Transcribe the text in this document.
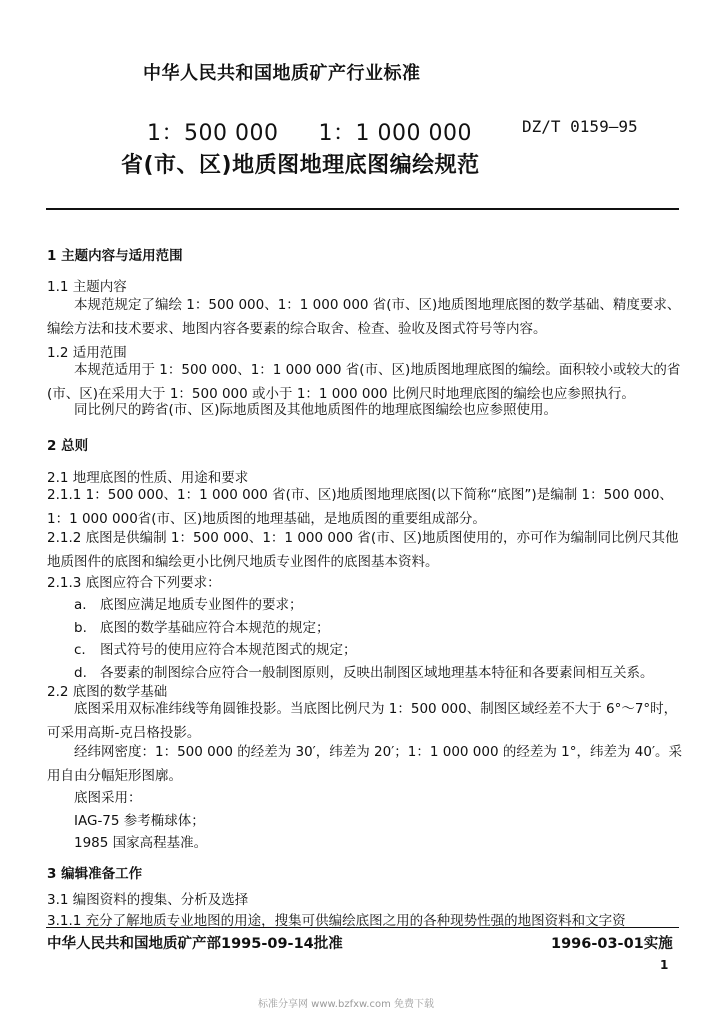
中华人民共和国地质矿产行业标准
1：500 000 1：1 000 000	DZ/T 0159—95
省(市、区)地质图地理底图编绘规范
1 主题内容与适用范围
1.1 主题内容
本规范规定了编绘 1：500 000、1：1 000 000 省(市、区)地质图地理底图的数学基础、精度要求、编绘方法和技术要求、地图内容各要素的综合取舍、检查、验收及图式符号等内容。
1.2 适用范围
本规范适用于 1：500 000、1：1 000 000 省(市、区)地质图地理底图的编绘。面积较小或较大的省(市、区)在采用大于 1：500 000 或小于 1：1 000 000 比例尺时地理底图的编绘也应参照执行。
同比例尺的跨省(市、区)际地质图及其他地质图件的地理底图编绘也应参照使用。
2 总则
2.1 地理底图的性质、用途和要求
2.1.1 1：500 000、1：1 000 000 省(市、区)地质图地理底图(以下简称“底图”)是编制 1：500 000、1：1 000 000省(市、区)地质图的地理基础，是地质图的重要组成部分。
2.1.2 底图是供编制 1：500 000、1：1 000 000 省(市、区)地质图使用的，亦可作为编制同比例尺其他地质图件的底图和编绘更小比例尺地质专业图件的底图基本资料。
2.1.3 底图应符合下列要求：
a. 底图应满足地质专业图件的要求；
b. 底图的数学基础应符合本规范的规定；
c. 图式符号的使用应符合本规范图式的规定；
d. 各要素的制图综合应符合一般制图原则，反映出制图区域地理基本特征和各要素间相互关系。
2.2 底图的数学基础
底图采用双标准纬线等角圆锥投影。当底图比例尺为 1：500 000、制图区域经差不大于 6°～7°时，可采用高斯-克吕格投影。
经纬网密度：1：500 000 的经差为 30′，纬差为 20′；1：1 000 000 的经差为 1°，纬差为 40′。采用自由分幅矩形图廓。
底图采用：
IAG-75 参考椭球体；
1985 国家高程基准。
3 编辑准备工作
3.1 编图资料的搜集、分析及选择
3.1.1 充分了解地质专业地图的用途，搜集可供编绘底图之用的各种现势性强的地图资料和文字资
中华人民共和国地质矿产部1995-09-14批准	1996-03-01实施
1
标准分享网 www.bzfxw.com 免费下载
